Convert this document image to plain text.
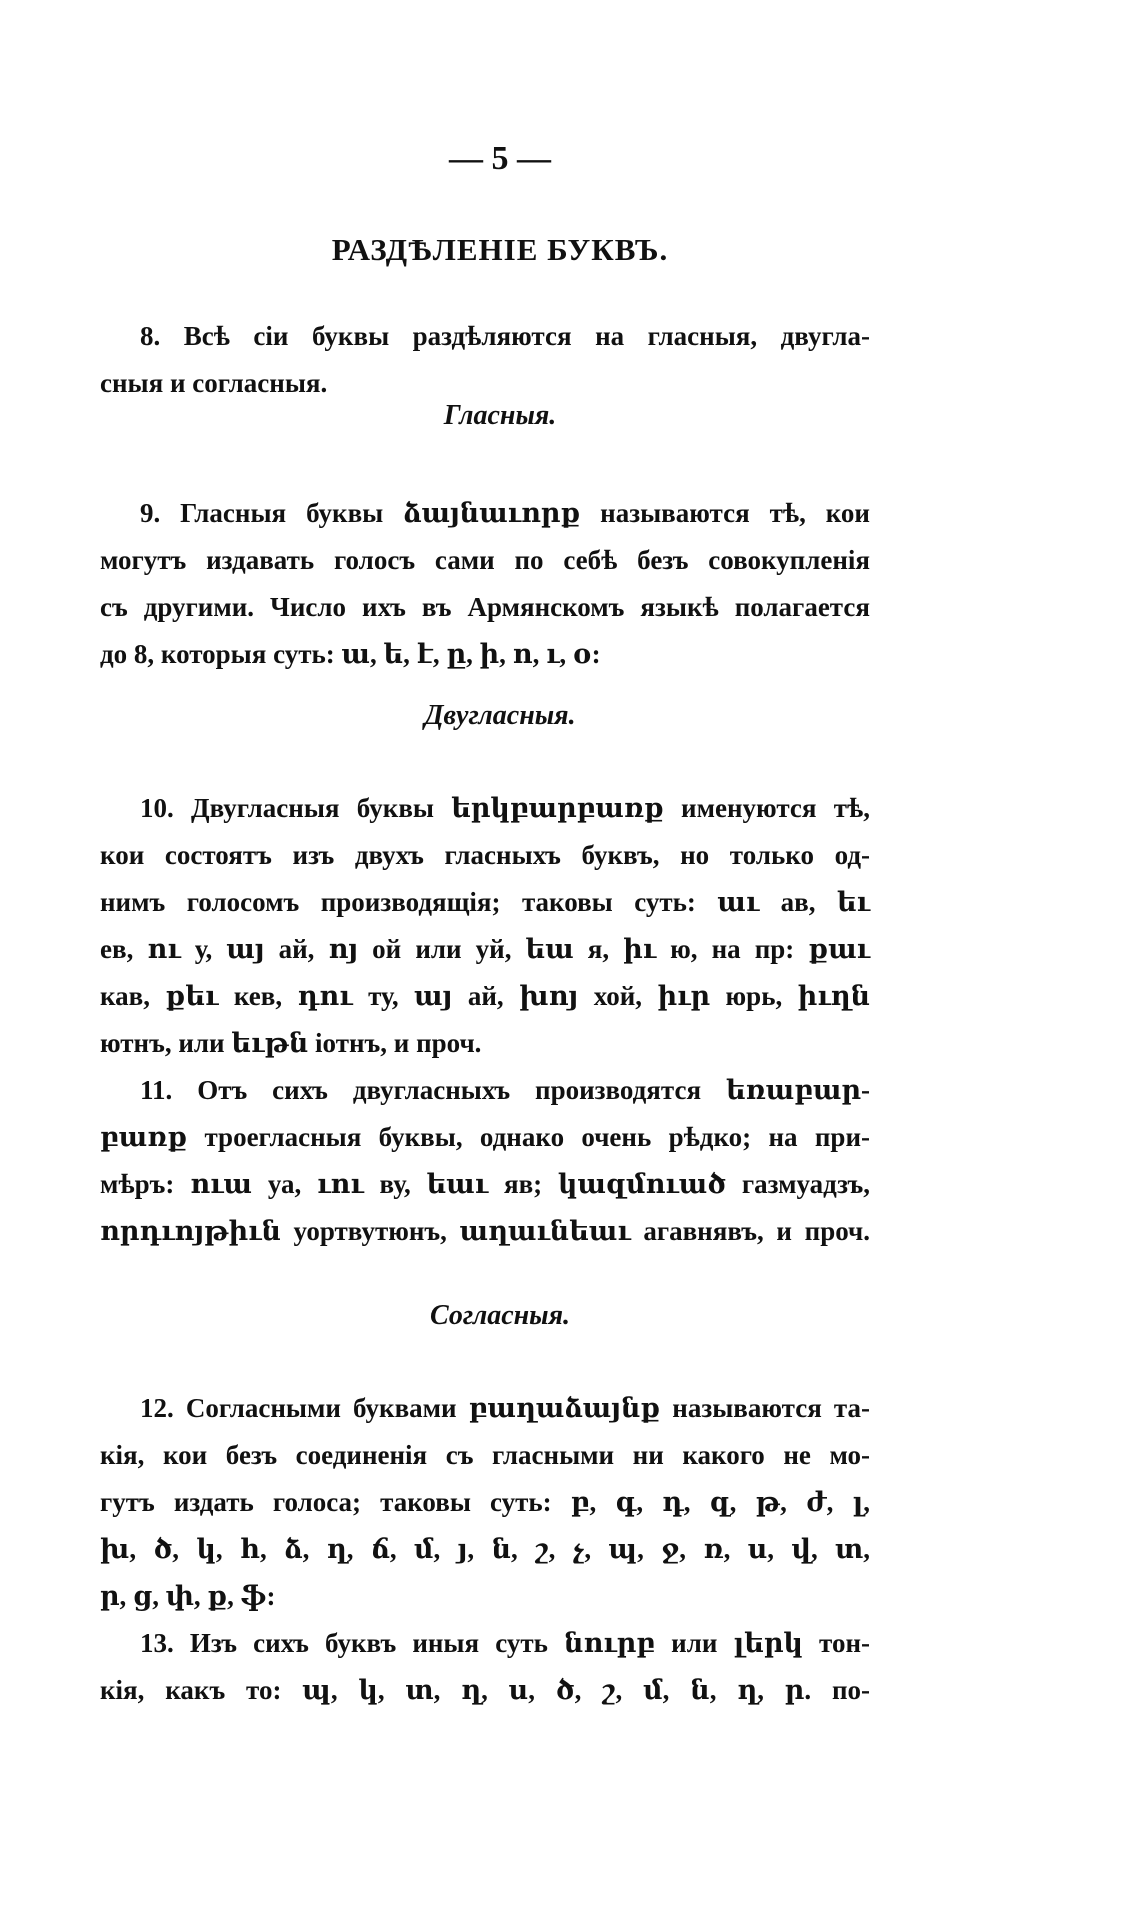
— 5 —
РАЗДѢЛЕНІЕ БУКВЪ.
8. Всѣ сіи буквы раздѣляются на гласныя, двугла-
сныя и согласныя.
Гласныя.
9. Гласныя буквы ձայնաւորք называются тѣ, кои
могутъ издавать голосъ сами по себѣ безъ совокупленія
съ другими. Число ихъ въ Армянскомъ языкѣ полагается
до 8, которыя суть: ա, ե, է, ը, ի, ո, ւ, օ:
Двугласныя.
10. Двугласныя буквы երկբարբառք именуются тѣ,
кои состоятъ изъ двухъ гласныхъ буквъ, но только од-
нимъ голосомъ производящія; таковы суть: աւ ав, եւ
ев, ու у, այ ай, ոյ ой или уй, եա я, իւ ю, на пр: քաւ
кав, քեւ кев, դու ту, այ ай, խոյ хой, իւր юрь, իւղն
ютнъ, или եւթն іотнъ, и проч.
11. Отъ сихъ двугласныхъ производятся եռաբար-
բառք троегласныя буквы, однако очень рѣдко; на при-
мѣръ: ուա уа, ւու ву, եաւ яв; կազմուած газмуадзъ,
որդւոյթիւն уортвутюнъ, աղաւնեաւ агавнявъ, и проч.
Согласныя.
12. Согласными буквами բաղաձայնք называются та-
кія, кои безъ соединенія съ гласными ни какого не мо-
гутъ издать голоса; таковы суть: բ, գ, դ, զ, թ, ժ, լ,
խ, ծ, կ, հ, ձ, ղ, ճ, մ, յ, ն, շ, չ, պ, ջ, ռ, ս, վ, տ,
ր, ց, փ, ք, ֆ:
13. Изъ сихъ буквъ иныя суть նուրբ или լերկ тон-
кія, какъ то: պ, կ, տ, ղ, ս, ծ, շ, մ, ն, ղ, ր. по-
